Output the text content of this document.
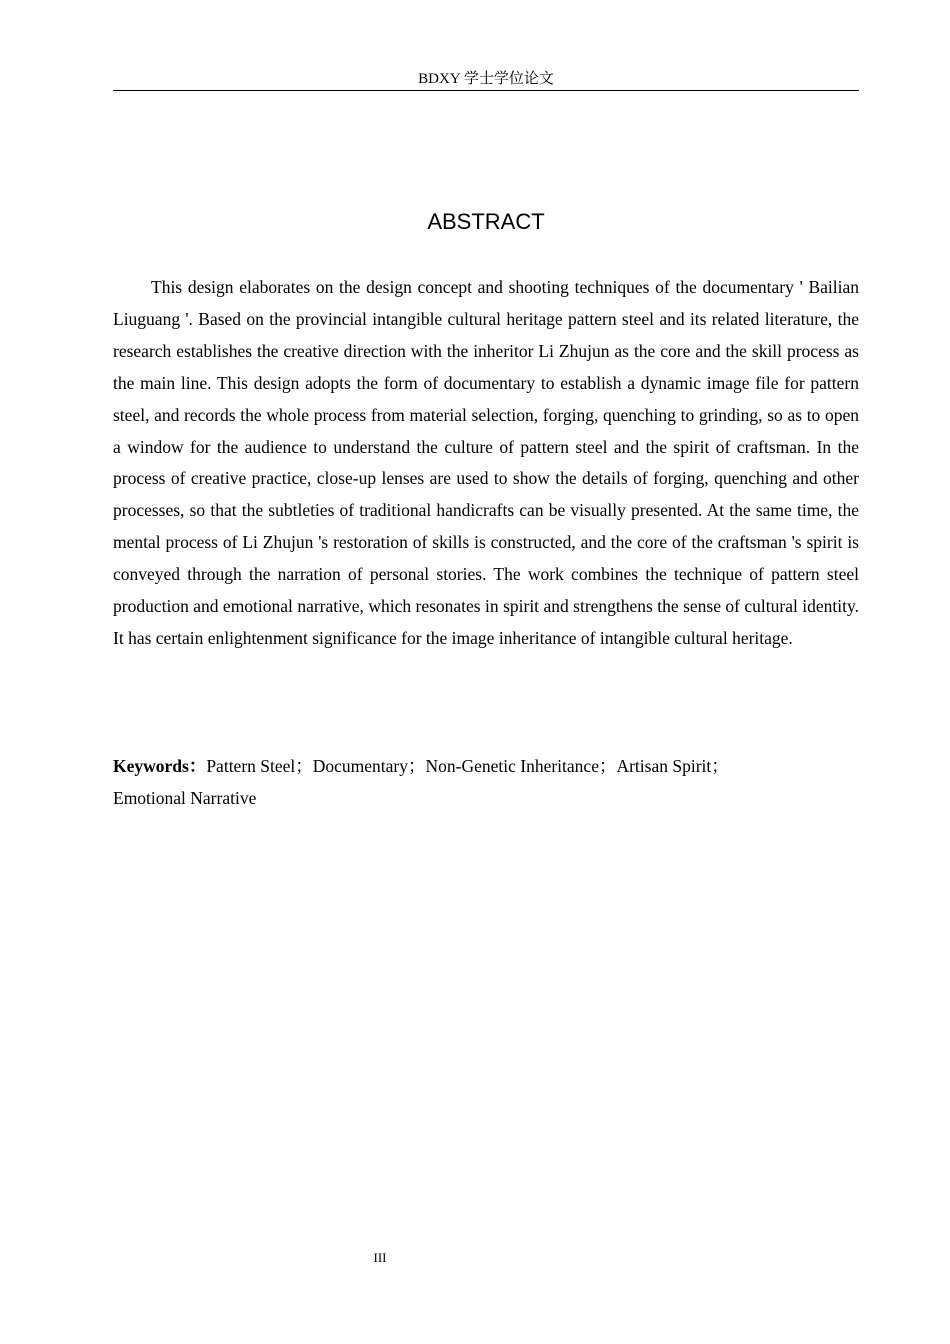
BDXY 学士学位论文
ABSTRACT

This design elaborates on the design concept and shooting techniques of the documentary ' Bailian Liuguang '. Based on the provincial intangible cultural heritage pattern steel and its related literature, the research establishes the creative direction with the inheritor Li Zhujun as the core and the skill process as the main line. This design adopts the form of documentary to establish a dynamic image file for pattern steel, and records the whole process from material selection, forging, quenching to grinding, so as to open a window for the audience to understand the culture of pattern steel and the spirit of craftsman. In the process of creative practice, close-up lenses are used to show the details of forging, quenching and other processes, so that the subtleties of traditional handicrafts can be visually presented. At the same time, the mental process of Li Zhujun 's restoration of skills is constructed, and the core of the craftsman 's spirit is conveyed through the narration of personal stories. The work combines the technique of pattern steel production and emotional narrative, which resonates in spirit and strengthens the sense of cultural identity. It has certain enlightenment significance for the image inheritance of intangible cultural heritage.

Keywords：Pattern Steel；Documentary；Non-Genetic Inheritance；Artisan Spirit；
Emotional Narrative
III
